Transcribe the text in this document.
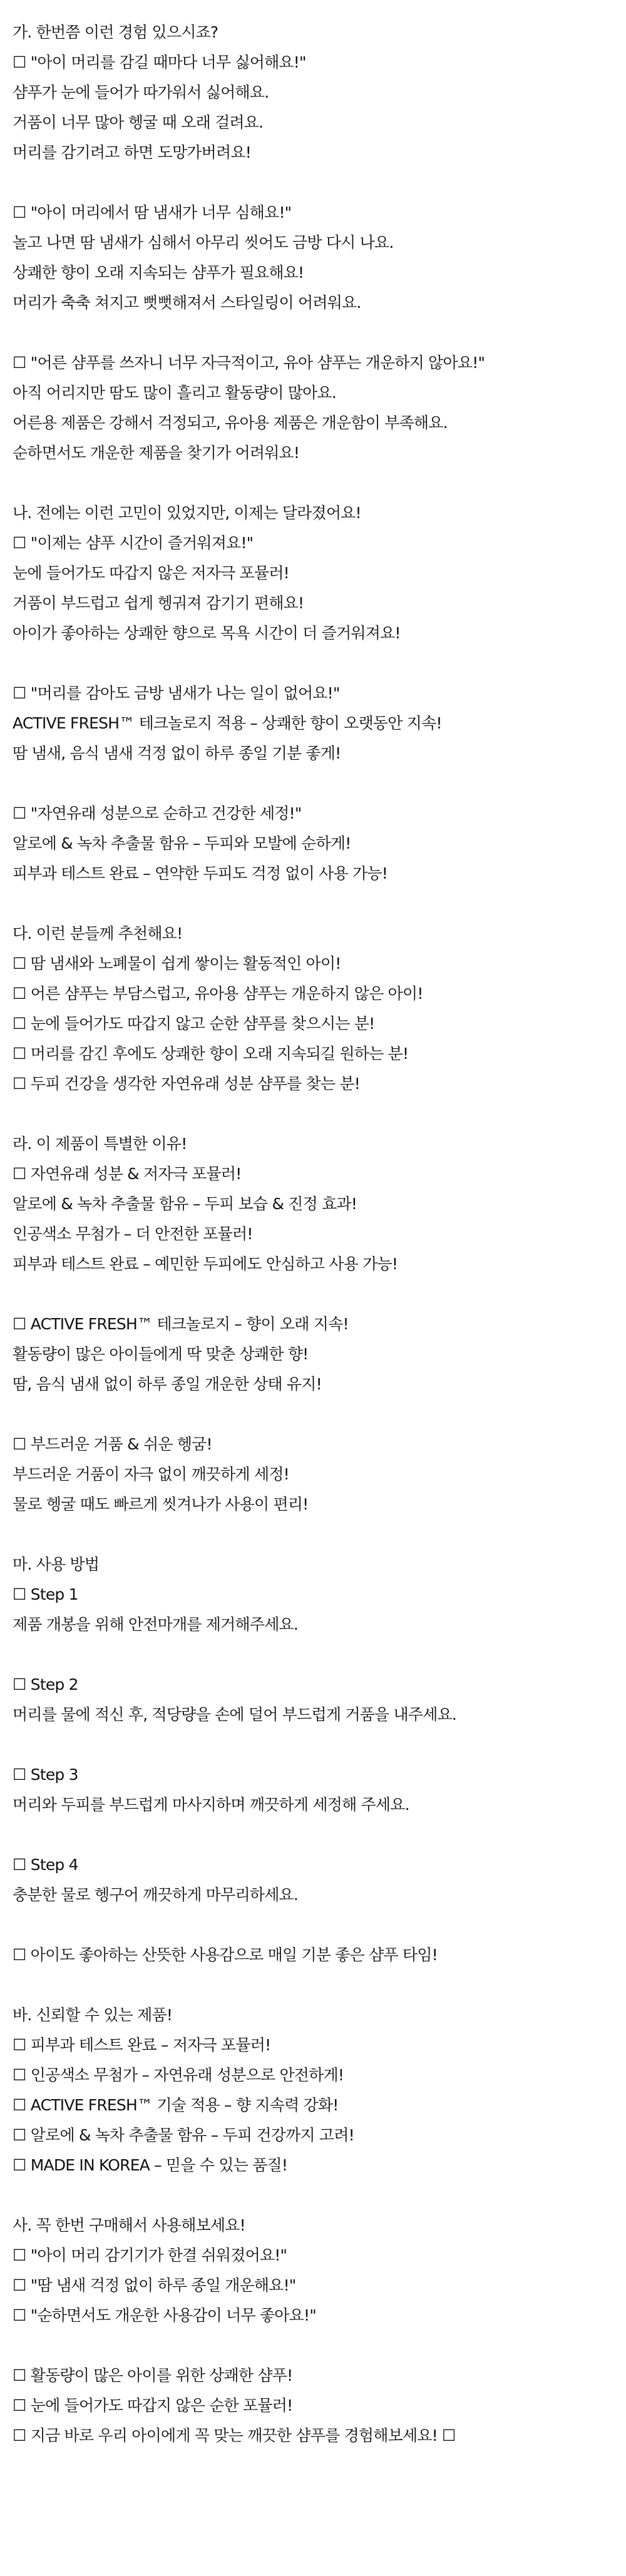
가. 한번쯤 이런 경험 있으시죠?
☐ "아이 머리를 감길 때마다 너무 싫어해요!"
샴푸가 눈에 들어가 따가워서 싫어해요.
거품이 너무 많아 헹굴 때 오래 걸려요.
머리를 감기려고 하면 도망가버려요!
☐ "아이 머리에서 땀 냄새가 너무 심해요!"
놀고 나면 땀 냄새가 심해서 아무리 씻어도 금방 다시 나요.
상쾌한 향이 오래 지속되는 샴푸가 필요해요!
머리가 축축 쳐지고 뻣뻣해져서 스타일링이 어려워요.
☐ "어른 샴푸를 쓰자니 너무 자극적이고, 유아 샴푸는 개운하지 않아요!"
아직 어리지만 땀도 많이 흘리고 활동량이 많아요.
어른용 제품은 강해서 걱정되고, 유아용 제품은 개운함이 부족해요.
순하면서도 개운한 제품을 찾기가 어려워요!
나. 전에는 이런 고민이 있었지만, 이제는 달라졌어요!
☐ "이제는 샴푸 시간이 즐거워져요!"
눈에 들어가도 따갑지 않은 저자극 포뮬러!
거품이 부드럽고 쉽게 헹궈져 감기기 편해요!
아이가 좋아하는 상쾌한 향으로 목욕 시간이 더 즐거워져요!
☐ "머리를 감아도 금방 냄새가 나는 일이 없어요!"
ACTIVE FRESH™ 테크놀로지 적용 – 상쾌한 향이 오랫동안 지속!
땀 냄새, 음식 냄새 걱정 없이 하루 종일 기분 좋게!
☐ "자연유래 성분으로 순하고 건강한 세정!"
알로에 & 녹차 추출물 함유 – 두피와 모발에 순하게!
피부과 테스트 완료 – 연약한 두피도 걱정 없이 사용 가능!
다. 이런 분들께 추천해요!
☐ 땀 냄새와 노폐물이 쉽게 쌓이는 활동적인 아이!
☐ 어른 샴푸는 부담스럽고, 유아용 샴푸는 개운하지 않은 아이!
☐ 눈에 들어가도 따갑지 않고 순한 샴푸를 찾으시는 분!
☐ 머리를 감긴 후에도 상쾌한 향이 오래 지속되길 원하는 분!
☐ 두피 건강을 생각한 자연유래 성분 샴푸를 찾는 분!
라. 이 제품이 특별한 이유!
☐ 자연유래 성분 & 저자극 포뮬러!
알로에 & 녹차 추출물 함유 – 두피 보습 & 진정 효과!
인공색소 무첨가 – 더 안전한 포뮬러!
피부과 테스트 완료 – 예민한 두피에도 안심하고 사용 가능!
☐ ACTIVE FRESH™ 테크놀로지 – 향이 오래 지속!
활동량이 많은 아이들에게 딱 맞춘 상쾌한 향!
땀, 음식 냄새 없이 하루 종일 개운한 상태 유지!
☐ 부드러운 거품 & 쉬운 헹굼!
부드러운 거품이 자극 없이 깨끗하게 세정!
물로 헹굴 때도 빠르게 씻겨나가 사용이 편리!
마. 사용 방법
☐ Step 1
제품 개봉을 위해 안전마개를 제거해주세요.
☐ Step 2
머리를 물에 적신 후, 적당량을 손에 덜어 부드럽게 거품을 내주세요.
☐ Step 3
머리와 두피를 부드럽게 마사지하며 깨끗하게 세정해 주세요.
☐ Step 4
충분한 물로 헹구어 깨끗하게 마무리하세요.
☐ 아이도 좋아하는 산뜻한 사용감으로 매일 기분 좋은 샴푸 타임!
바. 신뢰할 수 있는 제품!
☐ 피부과 테스트 완료 – 저자극 포뮬러!
☐ 인공색소 무첨가 – 자연유래 성분으로 안전하게!
☐ ACTIVE FRESH™ 기술 적용 – 향 지속력 강화!
☐ 알로에 & 녹차 추출물 함유 – 두피 건강까지 고려!
☐ MADE IN KOREA – 믿을 수 있는 품질!
사. 꼭 한번 구매해서 사용해보세요!
☐ "아이 머리 감기기가 한결 쉬워졌어요!"
☐ "땀 냄새 걱정 없이 하루 종일 개운해요!"
☐ "순하면서도 개운한 사용감이 너무 좋아요!"
☐ 활동량이 많은 아이를 위한 상쾌한 샴푸!
☐ 눈에 들어가도 따갑지 않은 순한 포뮬러!
☐ 지금 바로 우리 아이에게 꼭 맞는 깨끗한 샴푸를 경험해보세요! ☐
